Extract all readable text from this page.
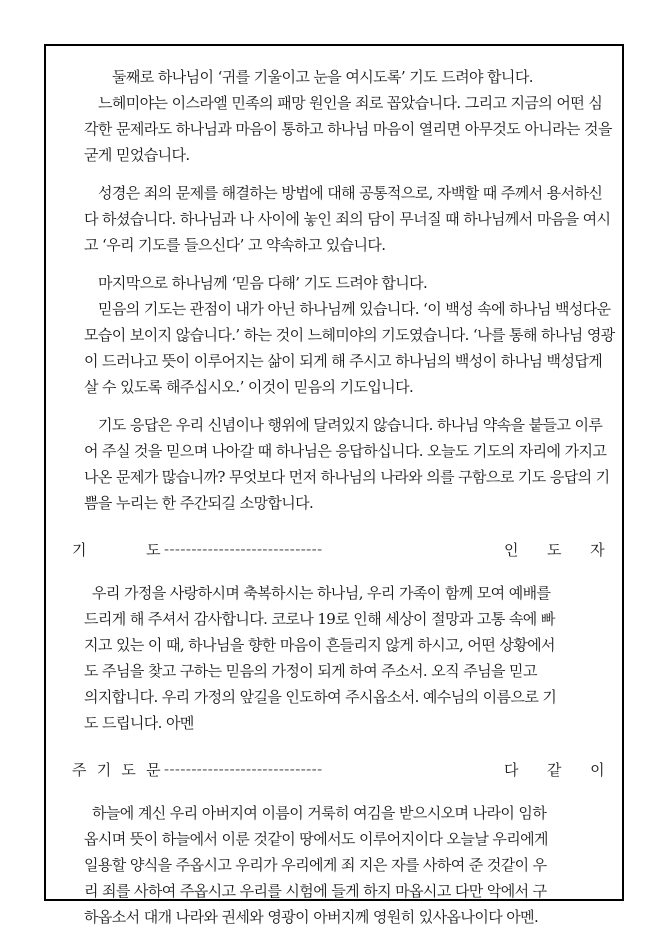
둘째로 하나님이 ‘귀를 기울이고 눈을 여시도록’ 기도 드려야 합니다.
느헤미야는 이스라엘 민족의 패망 원인을 죄로 꼽았습니다. 그리고 지금의 어떤 심
각한 문제라도 하나님과 마음이 통하고 하나님 마음이 열리면 아무것도 아니라는 것을
굳게 믿었습니다.
성경은 죄의 문제를 해결하는 방법에 대해 공통적으로, 자백할 때 주께서 용서하신
다 하셨습니다. 하나님과 나 사이에 놓인 죄의 담이 무너질 때 하나님께서 마음을 여시
고 ‘우리 기도를 들으신다’ 고 약속하고 있습니다.
마지막으로 하나님께 ‘믿음 다해’ 기도 드려야 합니다.
믿음의 기도는 관점이 내가 아닌 하나님께 있습니다. ‘이 백성 속에 하나님 백성다운
모습이 보이지 않습니다.’ 하는 것이 느헤미야의 기도였습니다. ‘나를 통해 하나님 영광
이 드러나고 뜻이 이루어지는 삶이 되게 해 주시고 하나님의 백성이 하나님 백성답게
살 수 있도록 해주십시오.’ 이것이 믿음의 기도입니다.
기도 응답은 우리 신념이나 행위에 달려있지 않습니다. 하나님 약속을 붙들고 이루
어 주실 것을 믿으며 나아갈 때 하나님은 응답하십니다. 오늘도 기도의 자리에 가지고
나온 문제가 많습니까? 무엇보다 먼저 하나님의 나라와 의를 구함으로 기도 응답의 기
쁨을 누리는 한 주간되길 소망합니다.
기	도 -----------------------------	인 도 자
우리 가정을 사랑하시며 축복하시는 하나님, 우리 가족이 함께 모여 예배를
드리게 해 주셔서 감사합니다. 코로나 19로 인해 세상이 절망과 고통 속에 빠
지고 있는 이 때, 하나님을 향한 마음이 흔들리지 않게 하시고, 어떤 상황에서
도 주님을 찾고 구하는 믿음의 가정이 되게 하여 주소서. 오직 주님을 믿고
의지합니다. 우리 가정의 앞길을 인도하여 주시옵소서. 예수님의 이름으로 기
도 드립니다. 아멘
주 기 도 문 -----------------------------	다 같 이
하늘에 계신 우리 아버지여 이름이 거룩히 여김을 받으시오며 나라이 임하
옵시며 뜻이 하늘에서 이룬 것같이 땅에서도 이루어지이다 오늘날 우리에게
일용할 양식을 주옵시고 우리가 우리에게 죄 지은 자를 사하여 준 것같이 우
리 죄를 사하여 주옵시고 우리를 시험에 들게 하지 마옵시고 다만 악에서 구
하옵소서 대개 나라와 권세와 영광이 아버지께 영원히 있사옵나이다 아멘.
